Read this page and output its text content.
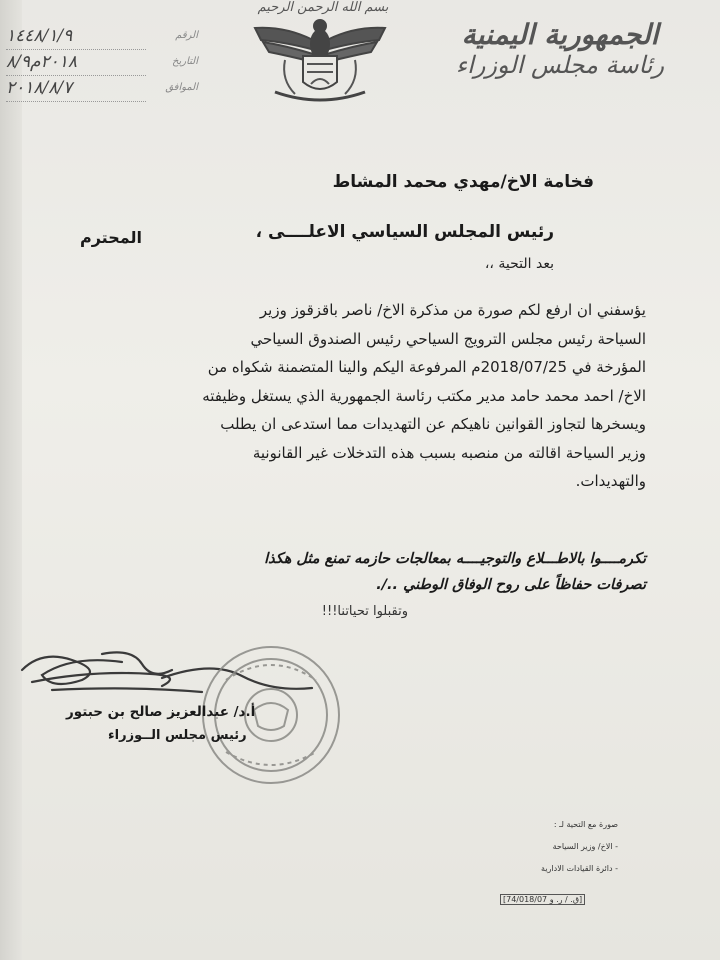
الجمهورية اليمنية
رئاسة مجلس الوزراء
بسم الله الرحمن الرحيم
الرقم
١٤٤٨/١/٩
التاريخ
٢٠١٨م٨/٩
الموافق
٢٠١٨/٨/٧
فخامة الاخ/مهدي محمد المشاط
رئيس المجلس السياسي الاعلــــى ،
المحترم
بعد التحية ،،
يؤسفني ان ارفع لكم صورة من مذكرة الاخ/ ناصر باقزقوز وزير
السياحة رئيس مجلس الترويج السياحي رئيس الصندوق السياحي
المؤرخة في 2018/07/25م المرفوعة اليكم والينا المتضمنة شكواه من
الاخ/ احمد محمد حامد مدير مكتب رئاسة الجمهورية الذي يستغل وظيفته
ويسخرها لتجاوز القوانين ناهيكم عن التهديدات مما استدعى ان يطلب
وزير السياحة اقالته من منصبه بسبب هذه التدخلات غير القانونية
والتهديدات.
تكرمــــوا بالاطـــلاع والتوجيــــه بمعالجات حازمه تمنع مثل هكذا
تصرفات حفاظاً على روح الوفاق الوطني ../.
وتقبلوا تحياتنا!!!
أ.د/ عبدالعزيز صالح بن حبتور
رئيس مجلس الــوزراء
صورة مع التحية لـ :
- الاخ/ وزير السياحة
- دائرة القيادات الادارية
[ق. / ر. و 74/018/07]
